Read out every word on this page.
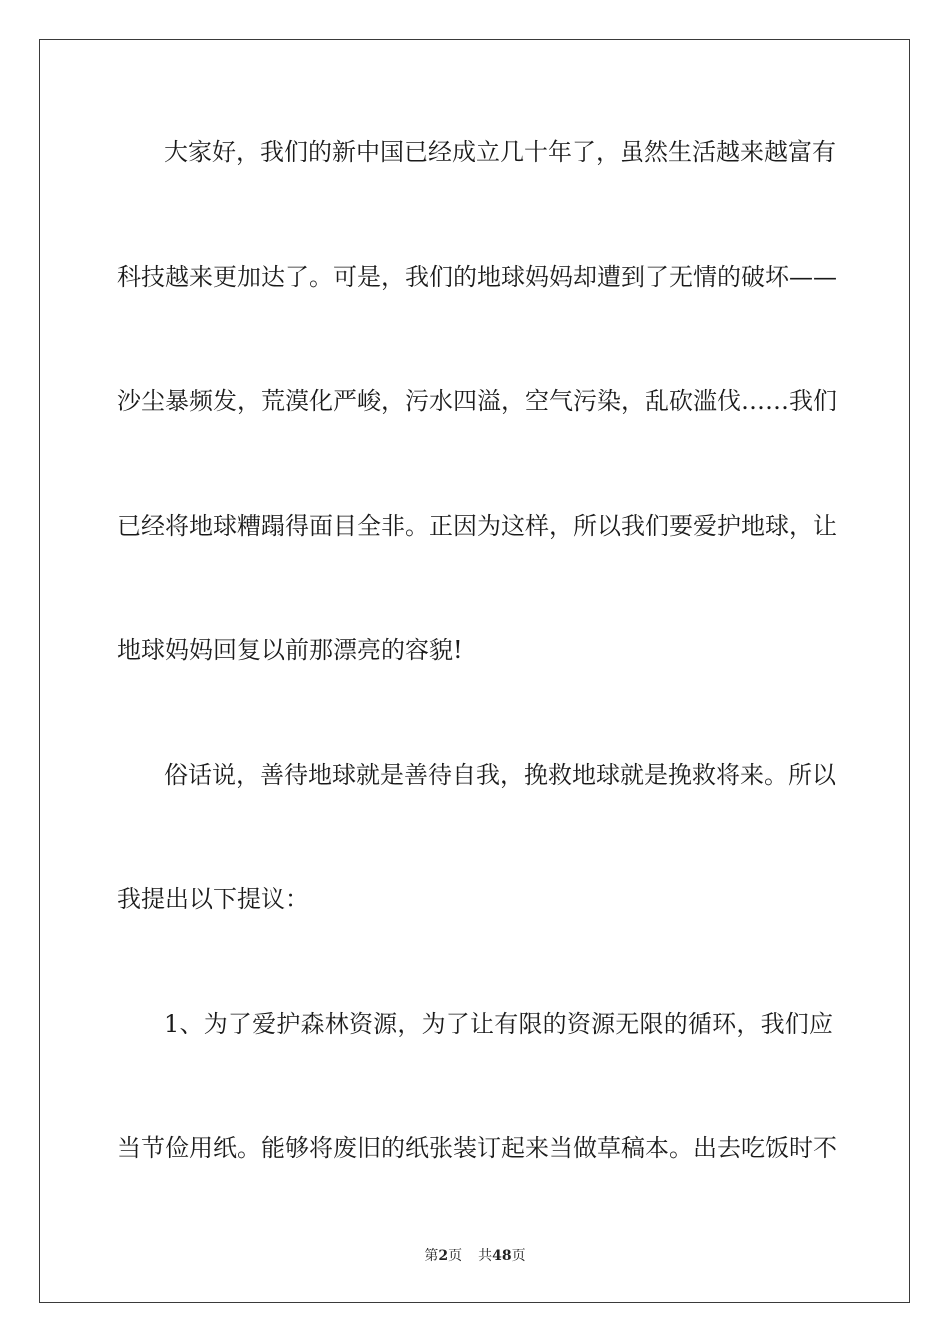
大家好，我们的新中国已经成立几十年了，虽然生活越来越富有
科技越来更加达了。可是，我们的地球妈妈却遭到了无情的破坏——
沙尘暴频发，荒漠化严峻，污水四溢，空气污染，乱砍滥伐……我们
已经将地球糟蹋得面目全非。正因为这样，所以我们要爱护地球，让
地球妈妈回复以前那漂亮的容貌!
俗话说，善待地球就是善待自我，挽救地球就是挽救将来。所以
我提出以下提议：
1、为了爱护森林资源，为了让有限的资源无限的循环，我们应
当节俭用纸。能够将废旧的纸张装订起来当做草稿本。出去吃饭时不
第2页 共48页
